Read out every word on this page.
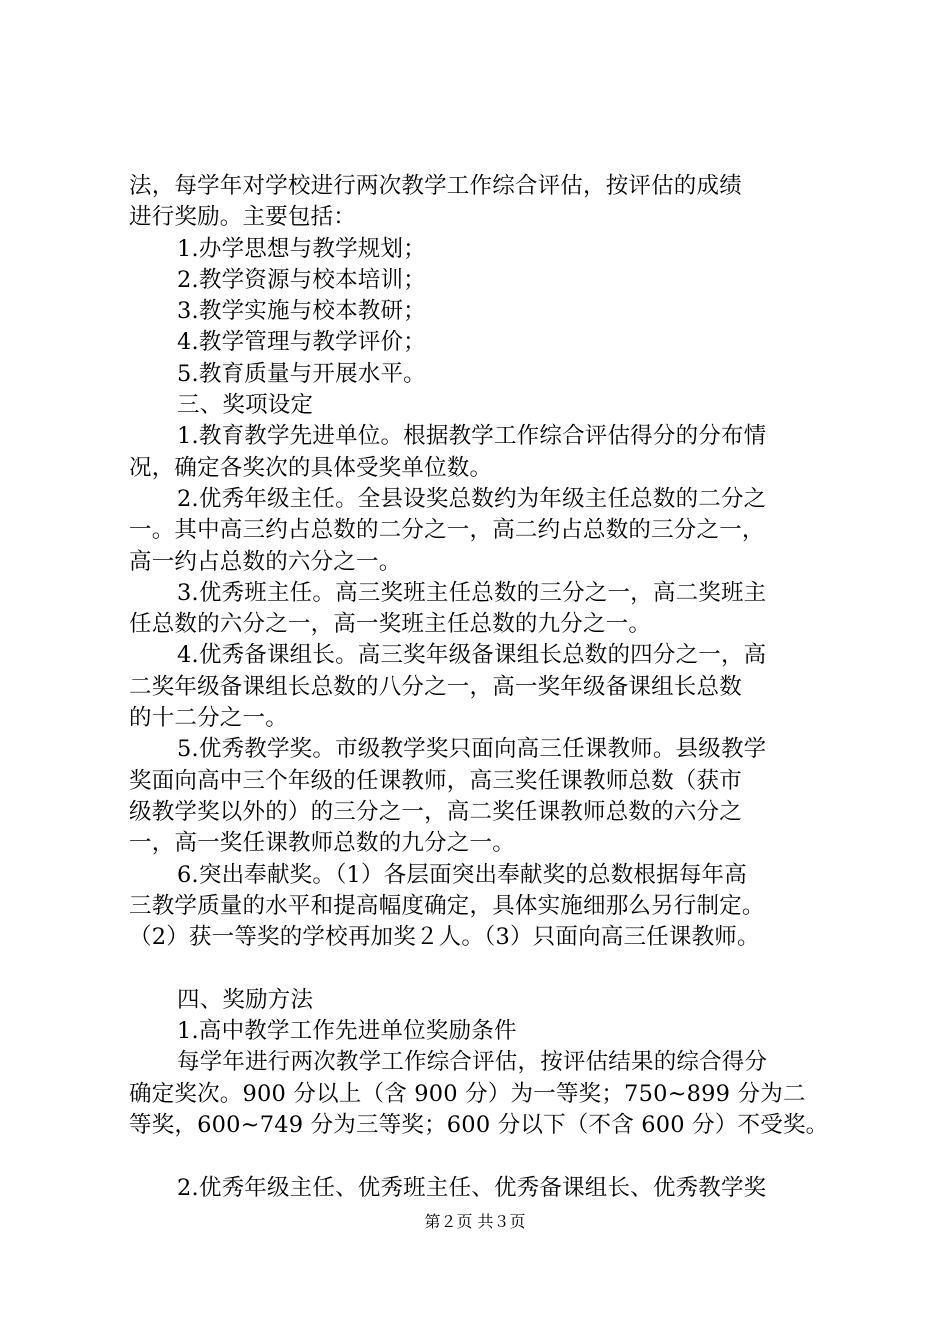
法，每学年对学校进行两次教学工作综合评估，按评估的成绩
进行奖励。主要包括：
1.办学思想与教学规划；
2.教学资源与校本培训；
3.教学实施与校本教研；
4.教学管理与教学评价；
5.教育质量与开展水平。
三、奖项设定
1.教育教学先进单位。根据教学工作综合评估得分的分布情
况，确定各奖次的具体受奖单位数。
2.优秀年级主任。全县设奖总数约为年级主任总数的二分之
一。其中高三约占总数的二分之一，高二约占总数的三分之一，
高一约占总数的六分之一。
3.优秀班主任。高三奖班主任总数的三分之一，高二奖班主
任总数的六分之一，高一奖班主任总数的九分之一。
4.优秀备课组长。高三奖年级备课组长总数的四分之一，高
二奖年级备课组长总数的八分之一，高一奖年级备课组长总数
的十二分之一。
5.优秀教学奖。市级教学奖只面向高三任课教师。县级教学
奖面向高中三个年级的任课教师，高三奖任课教师总数（获市
级教学奖以外的）的三分之一，高二奖任课教师总数的六分之
一，高一奖任课教师总数的九分之一。
6.突出奉献奖。（1）各层面突出奉献奖的总数根据每年高
三教学质量的水平和提高幅度确定，具体实施细那么另行制定。
（2）获一等奖的学校再加奖２人。（3）只面向高三任课教师。
四、奖励方法
1.高中教学工作先进单位奖励条件
每学年进行两次教学工作综合评估，按评估结果的综合得分
确定奖次。900 分以上（含 900 分）为一等奖；750~899 分为二
等奖，600~749 分为三等奖；600 分以下（不含 600 分）不受奖。
2.优秀年级主任、优秀班主任、优秀备课组长、优秀教学奖
第２页 共３页
